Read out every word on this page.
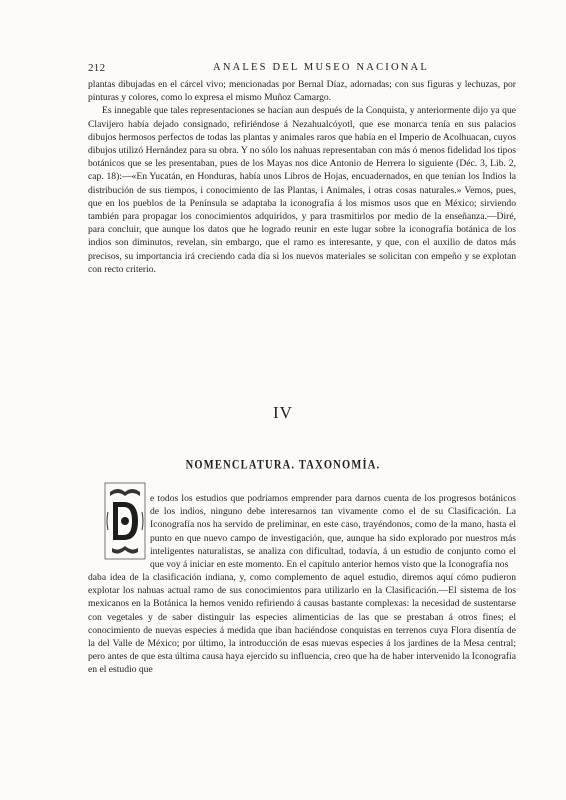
212	ANALES DEL MUSEO NACIONAL

plantas dibujadas en el cárcel vivo; mencionadas por Bernal Díaz, adornadas; con sus figuras y lechuzas, por pinturas y colores, como lo expresa el mismo Muñoz Camargo.

Es innegable que tales representaciones se hacían aun después de la Conquista, y anteriormente dijo ya que Clavijero había dejado consignado, refiriéndose á Nezahualcóyotl, que ese monarca tenía en sus palacios dibujos hermosos perfectos de todas las plantas y animales raros que había en el Imperio de Acolhuacan, cuyos dibujos utilizó Hernández para su obra. Y no sólo los nahuas representaban con más ó menos fidelidad los tipos botánicos que se les presentaban, pues de los Mayas nos dice Antonio de Herrera lo siguiente (Déc. 3, Lib. 2, cap. 18):—«En Yucatán, en Honduras, había unos Libros de Hojas, encuadernados, en que tenían los Indios la distribución de sus tiempos, i conocimiento de las Plantas, i Animales, i otras cosas naturales.» Vemos, pues, que en los pueblos de la Península se adaptaba la iconografía á los mismos usos que en México; sirviendo también para propagar los conocimientos adquiridos, y para trasmitirlos por medio de la enseñanza.—Diré, para concluir, que aunque los datos que he logrado reunir en este lugar sobre la iconografía botánica de los indios son diminutos, revelan, sin embargo, que el ramo es interesante, y que, con el auxilio de datos más precisos, su importancia irá creciendo cada día si los nuevos materiales se solicitan con empeño y se explotan con recto criterio.

IV
NOMENCLATURA. TAXONOMÍA.

e todos los estudios que podríamos emprender para darnos cuenta de los progresos botánicos de los indios, ninguno debe interesarnos tan vivamente como el de su Clasificación. La Iconografía nos ha servido de preliminar, en este caso, trayéndonos, como de la mano, hasta el punto en que nuevo campo de investigación, que, aunque ha sido explorado por nuestros más inteligentes naturalistas, se analiza con dificultad, todavía, á un estudio de conjunto como el que voy á iniciar en este momento. En el capítulo anterior hemos visto que la Iconografía nos

daba idea de la clasificación indiana, y, como complemento de aquel estudio, diremos aquí cómo pudieron explotar los nahuas actual ramo de sus conocimientos para utilizarlo en la Clasificación.—El sistema de los mexicanos en la Botánica la hemos venido refiriendo á causas bastante complexas: la necesidad de sustentarse con vegetales y de saber distinguir las especies alimenticias de las que se prestaban á otros fines; el conocimiento de nuevas especies á medida que iban haciéndose conquistas en terrenos cuya Flora disentía de la del Valle de México; por último, la introducción de esas nuevas especies á los jardines de la Mesa central; pero antes de que esta última causa haya ejercido su influencia, creo que ha de haber intervenido la Iconografía en el estudio que
